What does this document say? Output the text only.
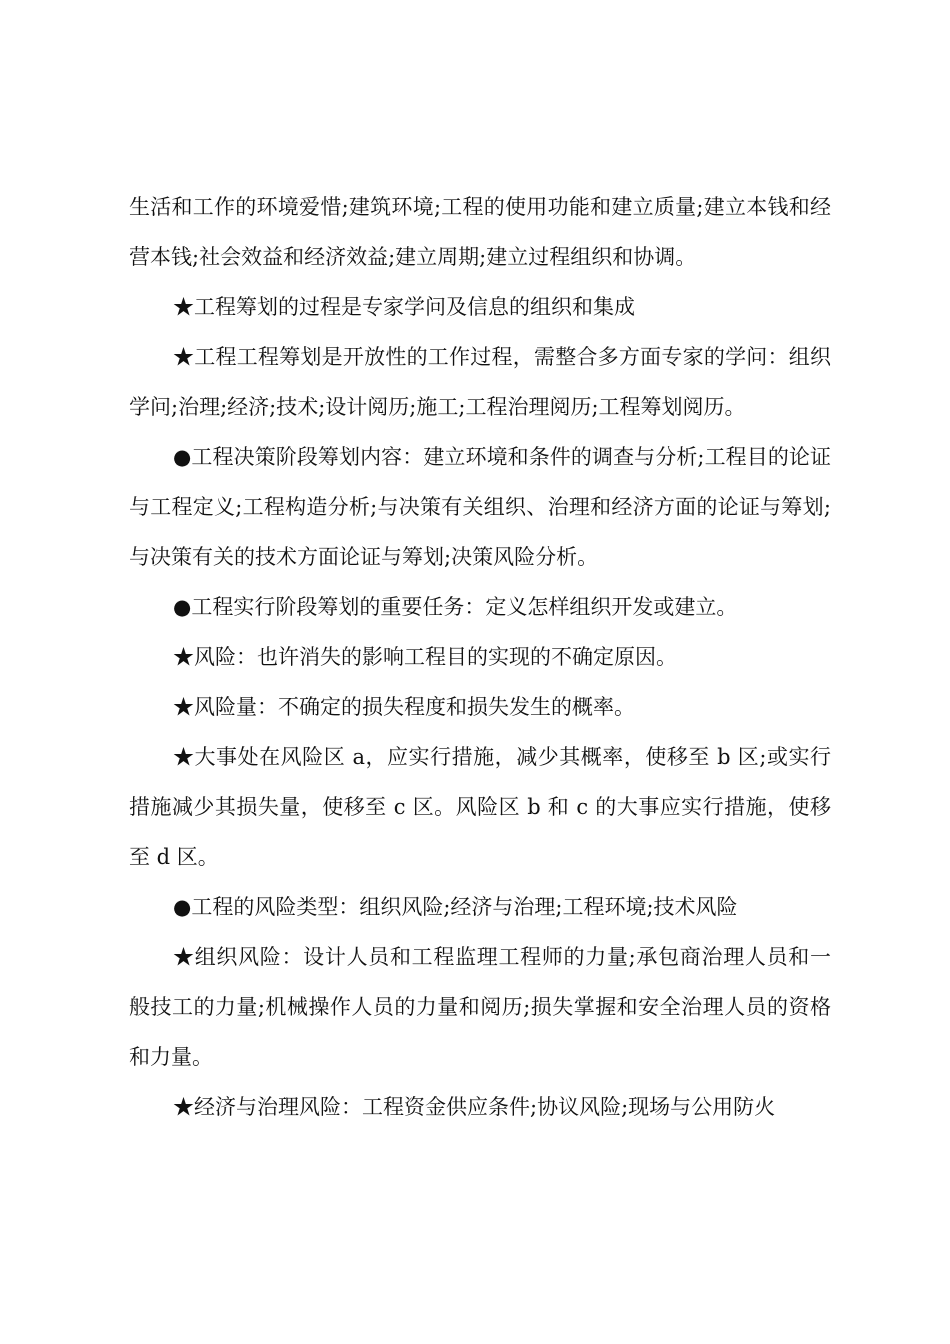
生活和工作的环境爱惜;建筑环境;工程的使用功能和建立质量;建立本钱和经营本钱;社会效益和经济效益;建立周期;建立过程组织和协调。

★工程筹划的过程是专家学问及信息的组织和集成

★工程工程筹划是开放性的工作过程，需整合多方面专家的学问：组织学问;治理;经济;技术;设计阅历;施工;工程治理阅历;工程筹划阅历。

●工程决策阶段筹划内容：建立环境和条件的调查与分析;工程目的论证与工程定义;工程构造分析;与决策有关组织、治理和经济方面的论证与筹划;与决策有关的技术方面论证与筹划;决策风险分析。

●工程实行阶段筹划的重要任务：定义怎样组织开发或建立。

★风险：也许消失的影响工程目的实现的不确定原因。

★风险量：不确定的损失程度和损失发生的概率。

★大事处在风险区 a，应实行措施，减少其概率，使移至 b 区;或实行措施减少其损失量，使移至 c 区。风险区 b 和 c 的大事应实行措施，使移至 d 区。

●工程的风险类型：组织风险;经济与治理;工程环境;技术风险

★组织风险：设计人员和工程监理工程师的力量;承包商治理人员和一般技工的力量;机械操作人员的力量和阅历;损失掌握和安全治理人员的资格和力量。

★经济与治理风险：工程资金供应条件;协议风险;现场与公用防火
